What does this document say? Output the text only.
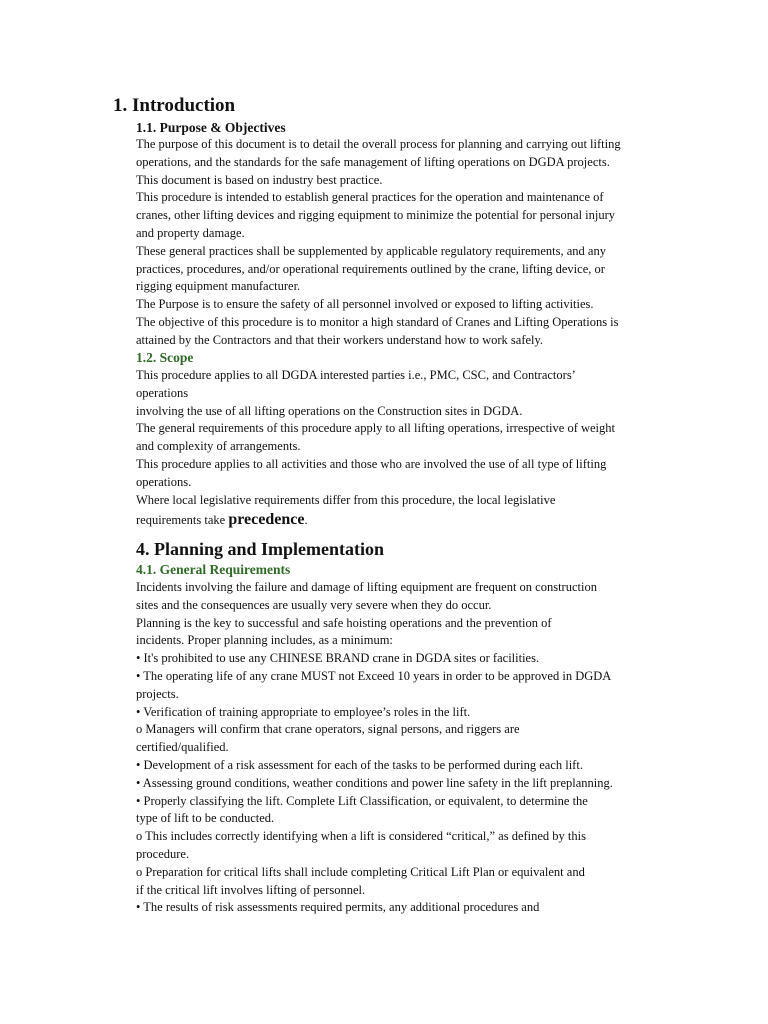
1. Introduction
1.1. Purpose & Objectives

The purpose of this document is to detail the overall process for planning and carrying out lifting

operations, and the standards for the safe management of lifting operations on DGDA projects.

This document is based on industry best practice.

This procedure is intended to establish general practices for the operation and maintenance of

cranes, other lifting devices and rigging equipment to minimize the potential for personal injury

and property damage.

These general practices shall be supplemented by applicable regulatory requirements, and any

practices, procedures, and/or operational requirements outlined by the crane, lifting device, or

rigging equipment manufacturer.

The Purpose is to ensure the safety of all personnel involved or exposed to lifting activities.

The objective of this procedure is to monitor a high standard of Cranes and Lifting Operations is

attained by the Contractors and that their workers understand how to work safely.

1.2. Scope

This procedure applies to all DGDA interested parties i.e., PMC, CSC, and Contractors’

operations

involving the use of all lifting operations on the Construction sites in DGDA.

The general requirements of this procedure apply to all lifting operations, irrespective of weight

and complexity of arrangements.

This procedure applies to all activities and those who are involved the use of all type of lifting

operations.

Where local legislative requirements differ from this procedure, the local legislative

requirements take precedence.

4. Planning and Implementation
4.1. General Requirements

Incidents involving the failure and damage of lifting equipment are frequent on construction

sites and the consequences are usually very severe when they do occur.

Planning is the key to successful and safe hoisting operations and the prevention of

incidents. Proper planning includes, as a minimum:

• It's prohibited to use any CHINESE BRAND crane in DGDA sites or facilities.

• The operating life of any crane MUST not Exceed 10 years in order to be approved in DGDA

projects.

• Verification of training appropriate to employee’s roles in the lift.

o Managers will confirm that crane operators, signal persons, and riggers are

certified/qualified.

• Development of a risk assessment for each of the tasks to be performed during each lift.

• Assessing ground conditions, weather conditions and power line safety in the lift preplanning.

• Properly classifying the lift. Complete Lift Classification, or equivalent, to determine the

type of lift to be conducted.

o This includes correctly identifying when a lift is considered “critical,” as defined by this

procedure.

o Preparation for critical lifts shall include completing Critical Lift Plan or equivalent and

if the critical lift involves lifting of personnel.

• The results of risk assessments required permits, any additional procedures and
